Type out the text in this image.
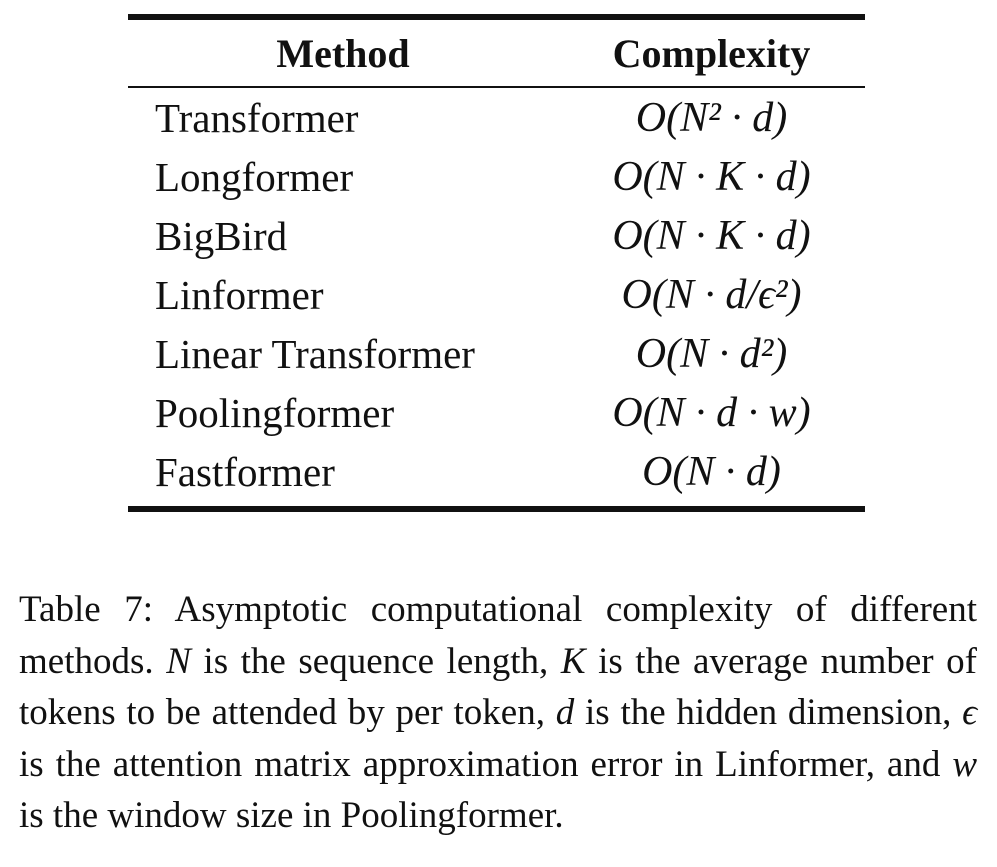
Method	Complexity
Transformer	O(N² · d)
Longformer	O(N · K · d)
BigBird	O(N · K · d)
Linformer	O(N · d/ϵ²)
Linear Transformer	O(N · d²)
Poolingformer	O(N · d · w)
Fastformer	O(N · d)

Table 7: Asymptotic computational complexity of different methods. N is the sequence length, K is the average number of tokens to be attended by per token, d is the hidden dimension, ϵ is the attention matrix approximation error in Linformer, and w is the window size in Poolingformer.
